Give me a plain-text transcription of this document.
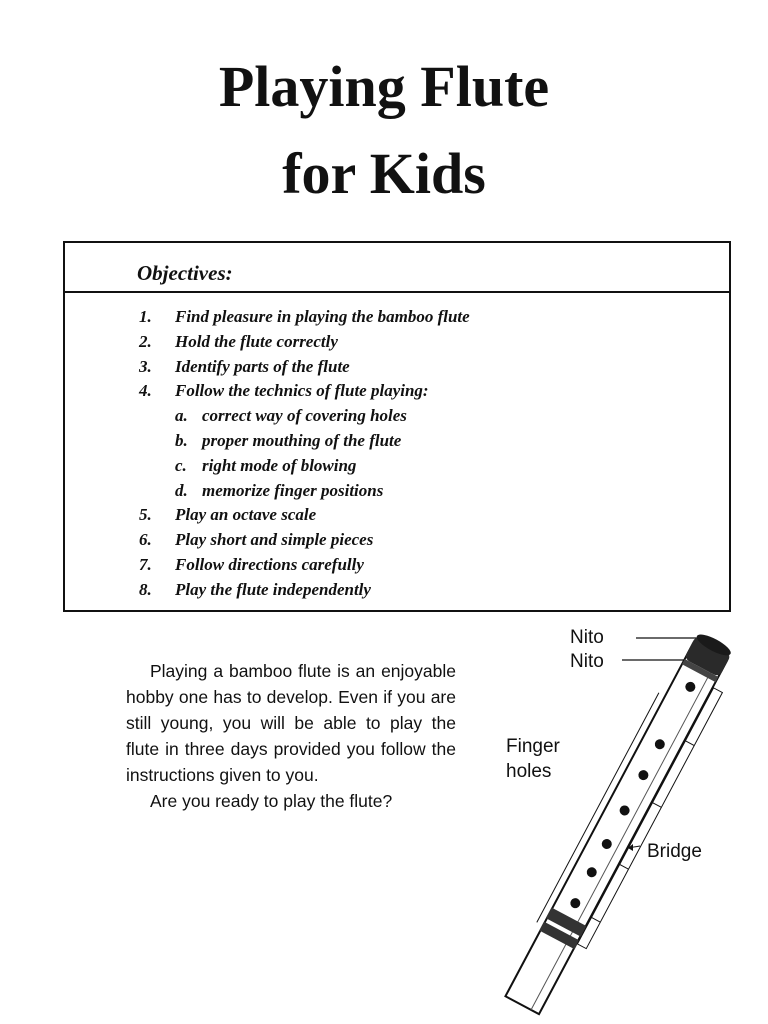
Playing Flute
for Kids
Objectives:
1. Find pleasure in playing the bamboo flute
2. Hold the flute correctly
3. Identify parts of the flute
4. Follow the technics of flute playing:
a. correct way of covering holes
b. proper mouthing of the flute
c. right mode of blowing
d. memorize finger positions
5. Play an octave scale
6. Play short and simple pieces
7. Follow directions carefully
8. Play the flute independently

Playing a bamboo flute is an enjoyable hobby one has to develop. Even if you are still young, you will be able to play the flute in three days provided you follow the instructions given to you.

Are you ready to play the flute?

Nito
Nito
Finger holes
Bridge
